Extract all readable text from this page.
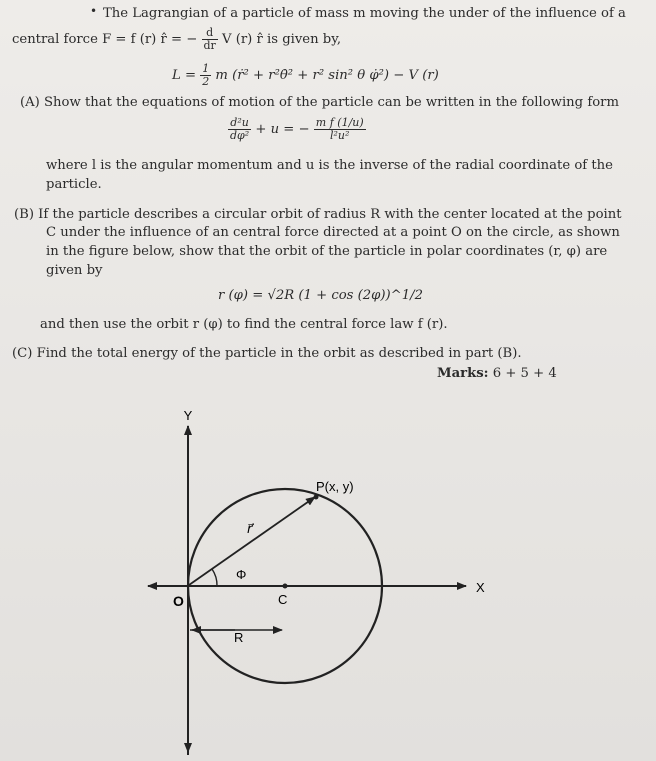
• The Lagrangian of a particle of mass m moving the under of the influence of a
central force F = f (r) r̂ = − $\frac{d}{dr}$ V (r) r̂ is given by,
$L = \frac{1}{2}$ m (ṙ² + r²θ̇² + r² sin² θ φ̇²) − V (r)
(A) Show that the equations of motion of the particle can be written in the following form
$\frac{\text{d²u}}{\text{dφ²}} + u$ = − $\frac{\text{m f (1/u)}}{\text{l²u²}}$
where l is the angular momentum and u is the inverse of the radial coordinate of the
particle.
(B) If the particle describes a circular orbit of radius R with the center located at the point
C under the influence of an central force directed at a point O on the circle, as shown
in the figure below, show that the orbit of the particle in polar coordinates (r, φ) are
given by
r (φ) = √2R (1 + cos (2φ))^1/2
and then use the orbit r (φ) to find the central force law f (r).
(C) Find the total energy of the particle in the orbit as described in part (B).
Marks: 6 + 5 + 4
Y
X
O	C
P(x, y)
r⃗
Φ
R
